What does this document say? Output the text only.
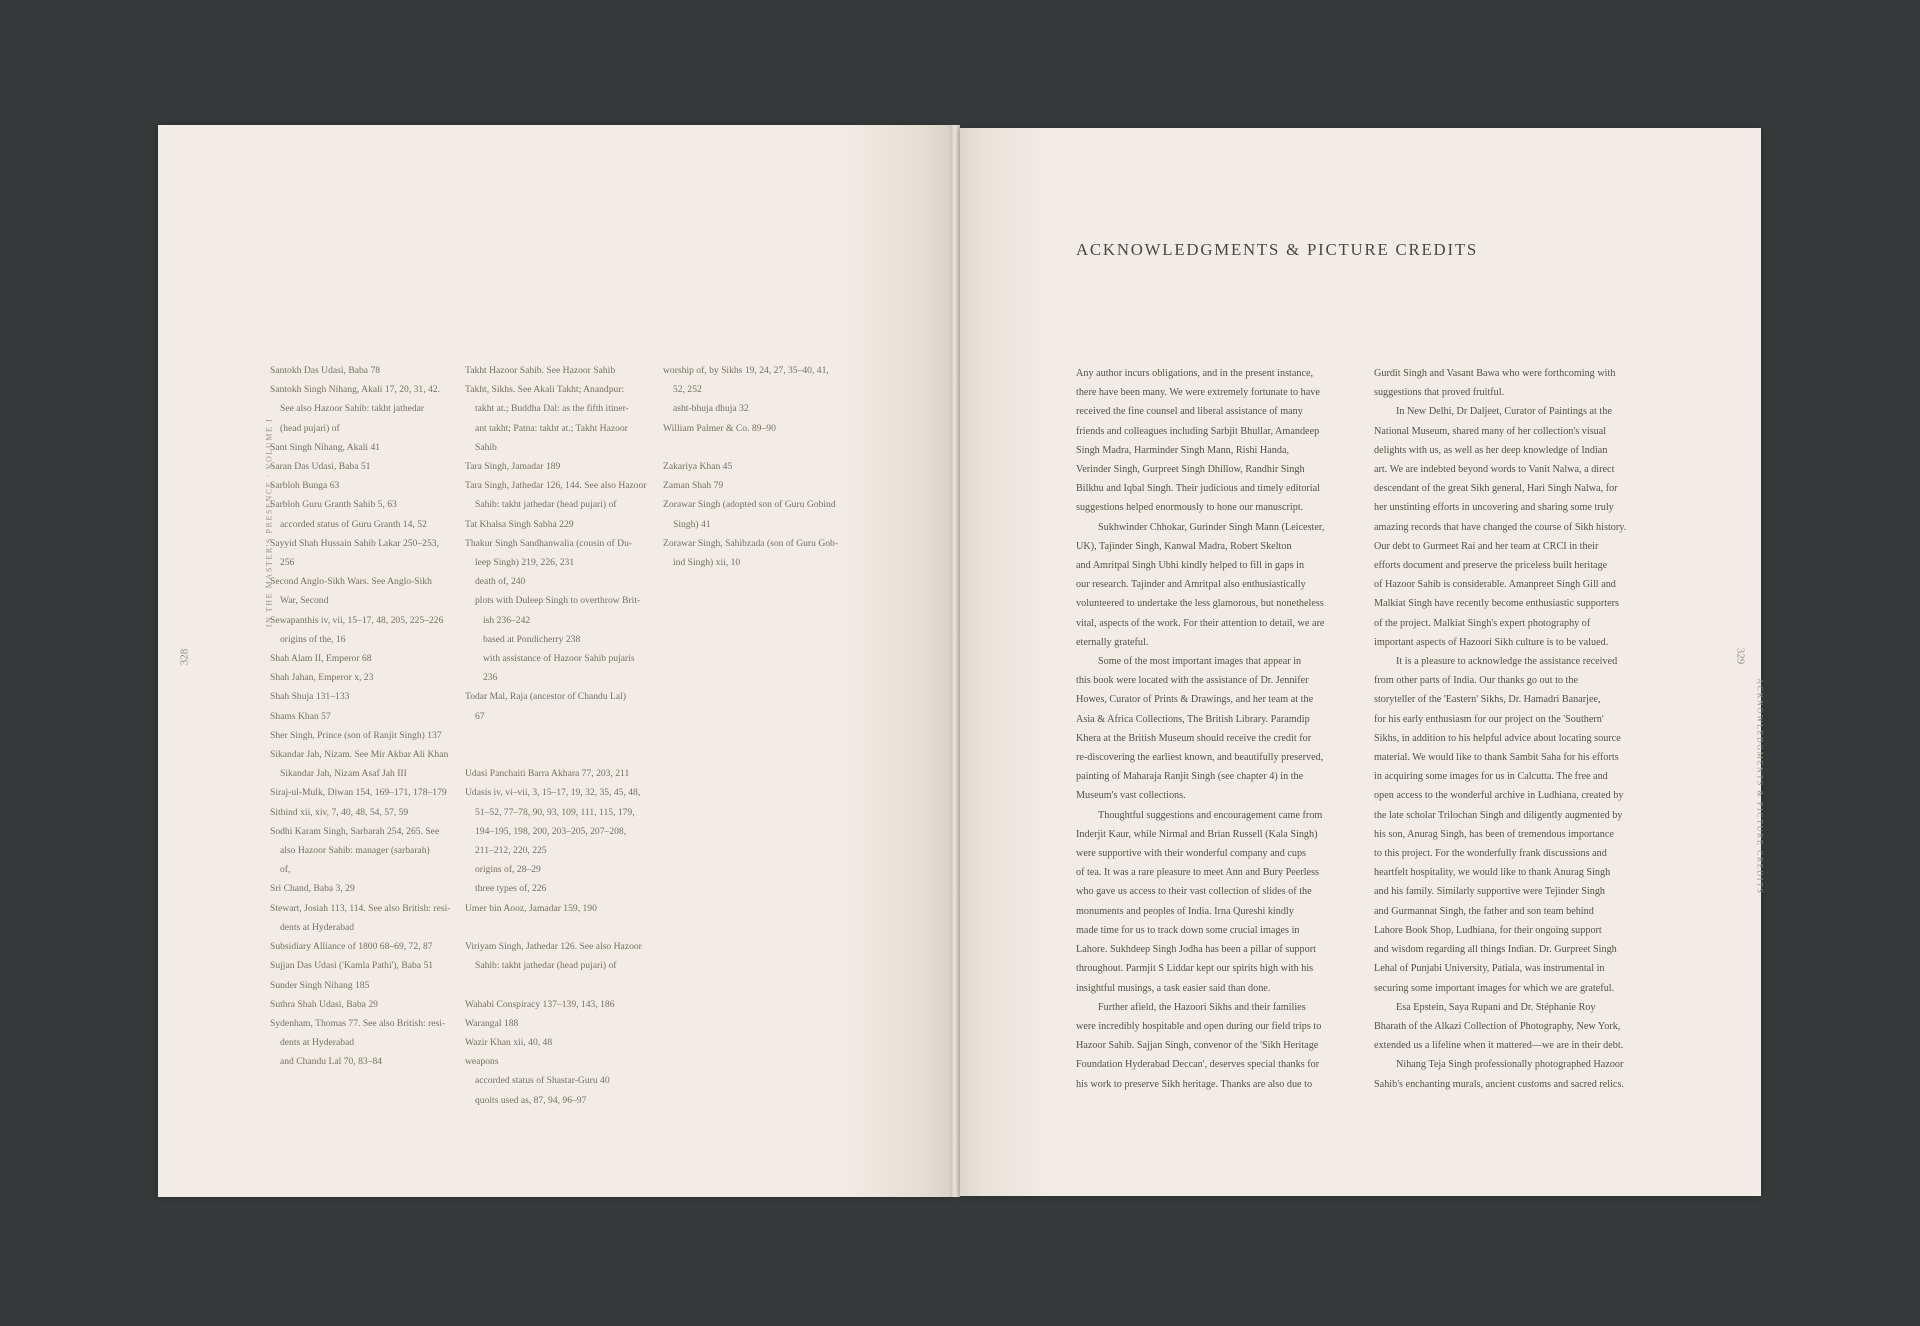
IN THE MASTER'S PRESENCE · VOLUME I
328
Santokh Das Udasi, Baba 78
Santokh Singh Nihang, Akali 17, 20, 31, 42.
See also Hazoor Sahib: takht jathedar
(head pujari) of
Sant Singh Nihang, Akali 41
Saran Das Udasi, Baba 51
Sarbloh Bunga 63
Sarbloh Guru Granth Sahib 5, 63
accorded status of Guru Granth 14, 52
Sayyid Shah Hussain Sahib Lakar 250–253,
256
Second Anglo-Sikh Wars. See Anglo-Sikh
War, Second
Sewapanthis iv, vii, 15–17, 48, 205, 225–226
origins of the, 16
Shah Alam II, Emperor 68
Shah Jahan, Emperor x, 23
Shah Shuja 131–133
Shams Khan 57
Sher Singh, Prince (son of Ranjit Singh) 137
Sikandar Jah, Nizam. See Mir Akbar Ali Khan
Sikandar Jah, Nizam Asaf Jah III
Siraj-ul-Mulk, Diwan 154, 169–171, 178–179
Sithind xii, xiv, 7, 40, 48, 54, 57, 59
Sodhi Karam Singh, Sarbarah 254, 265. See
also Hazoor Sahib: manager (sarbarah)
of,
Sri Chand, Baba 3, 29
Stewart, Josiah 113, 114. See also British: resi-
dents at Hyderabad
Subsidiary Alliance of 1800 68–69, 72, 87
Sujjan Das Udasi ('Kamla Pathi'), Baba 51
Sunder Singh Nihang 185
Suthra Shah Udasi, Baba 29
Sydenham, Thomas 77. See also British: resi-
dents at Hyderabad
and Chandu Lal 70, 83–84
Takht Hazoor Sahib. See Hazoor Sahib
Takht, Sikhs. See Akali Takht; Anandpur:
takht at.; Buddha Dal: as the fifth itiner-
ant takht; Patna: takht at.; Takht Hazoor
Sahib
Tara Singh, Jamadar 189
Tara Singh, Jathedar 126, 144. See also Hazoor
Sahib: takht jathedar (head pujari) of
Tat Khalsa Singh Sabha 229
Thakur Singh Sandhanwalia (cousin of Du-
leep Singh) 219, 226, 231
death of, 240
plots with Duleep Singh to overthrow Brit-
ish 236–242
based at Pondicherry 238
with assistance of Hazoor Sahib pujaris
236
Todar Mal, Raja (ancestor of Chandu Lal)
67
Udasi Panchaiti Barra Akhara 77, 203, 211
Udasis iv, vi–vii, 3, 15–17, 19, 32, 35, 45, 48,
51–52, 77–78, 90, 93, 109, 111, 115, 179,
194–195, 198, 200, 203–205, 207–208,
211–212, 220, 225
origins of, 28–29
three types of, 226
Umer bin Aooz, Jamadar 159, 190
Viriyam Singh, Jathedar 126. See also Hazoor
Sahib: takht jathedar (head pujari) of
Wahabi Conspiracy 137–139, 143, 186
Warangal 188
Wazir Khan xii, 40, 48
weapons
accorded status of Shastar-Guru 40
quoits used as, 87, 94, 96–97
worship of, by Sikhs 19, 24, 27, 35–40, 41,
52, 252
asht-bhuja dhuja 32
William Palmer & Co. 89–90
Zakariya Khan 45
Zaman Shah 79
Zorawar Singh (adopted son of Guru Gobind
Singh) 41
Zorawar Singh, Sahibzada (son of Guru Gob-
ind Singh) xii, 10
ACKNOWLEDGMENTS & PICTURE CREDITS
Any author incurs obligations, and in the present instance,
there have been many. We were extremely fortunate to have
received the fine counsel and liberal assistance of many
friends and colleagues including Sarbjit Bhullar, Amandeep
Singh Madra, Harminder Singh Mann, Rishi Handa,
Verinder Singh, Gurpreet Singh Dhillow, Randhir Singh
Bilkhu and Iqbal Singh. Their judicious and timely editorial
suggestions helped enormously to hone our manuscript.
Sukhwinder Chhokar, Gurinder Singh Mann (Leicester,
UK), Tajinder Singh, Kanwal Madra, Robert Skelton
and Amritpal Singh Ubhi kindly helped to fill in gaps in
our research. Tajinder and Amritpal also enthusiastically
volunteered to undertake the less glamorous, but nonetheless
vital, aspects of the work. For their attention to detail, we are
eternally grateful.
Some of the most important images that appear in
this book were located with the assistance of Dr. Jennifer
Howes, Curator of Prints & Drawings, and her team at the
Asia & Africa Collections, The British Library. Paramdip
Khera at the British Museum should receive the credit for
re-discovering the earliest known, and beautifully preserved,
painting of Maharaja Ranjit Singh (see chapter 4) in the
Museum's vast collections.
Thoughtful suggestions and encouragement came from
Inderjit Kaur, while Nirmal and Brian Russell (Kala Singh)
were supportive with their wonderful company and cups
of tea. It was a rare pleasure to meet Ann and Bury Peerless
who gave us access to their vast collection of slides of the
monuments and peoples of India. Irna Qureshi kindly
made time for us to track down some crucial images in
Lahore. Sukhdeep Singh Jodha has been a pillar of support
throughout. Parmjit S Liddar kept our spirits high with his
insightful musings, a task easier said than done.
Further afield, the Hazoori Sikhs and their families
were incredibly hospitable and open during our field trips to
Hazoor Sahib. Sajjan Singh, convenor of the 'Sikh Heritage
Foundation Hyderabad Deccan', deserves special thanks for
his work to preserve Sikh heritage. Thanks are also due to
Gurdit Singh and Vasant Bawa who were forthcoming with
suggestions that proved fruitful.
In New Delhi, Dr Daljeet, Curator of Paintings at the
National Museum, shared many of her collection's visual
delights with us, as well as her deep knowledge of Indian
art. We are indebted beyond words to Vanit Nalwa, a direct
descendant of the great Sikh general, Hari Singh Nalwa, for
her unstinting efforts in uncovering and sharing some truly
amazing records that have changed the course of Sikh history.
Our debt to Gurmeet Rai and her team at CRCI in their
efforts document and preserve the priceless built heritage
of Hazoor Sahib is considerable. Amanpreet Singh Gill and
Malkiat Singh have recently become enthusiastic supporters
of the project. Malkiat Singh's expert photography of
important aspects of Hazoori Sikh culture is to be valued.
It is a pleasure to acknowledge the assistance received
from other parts of India. Our thanks go out to the
storyteller of the 'Eastern' Sikhs, Dr. Hamadri Banarjee,
for his early enthusiasm for our project on the 'Southern'
Sikhs, in addition to his helpful advice about locating source
material. We would like to thank Sambit Saha for his efforts
in acquiring some images for us in Calcutta. The free and
open access to the wonderful archive in Ludhiana, created by
the late scholar Trilochan Singh and diligently augmented by
his son, Anurag Singh, has been of tremendous importance
to this project. For the wonderfully frank discussions and
heartfelt hospitality, we would like to thank Anurag Singh
and his family. Similarly supportive were Tejinder Singh
and Gurmannat Singh, the father and son team behind
Lahore Book Shop, Ludhiana, for their ongoing support
and wisdom regarding all things Indian. Dr. Gurpreet Singh
Lehal of Punjabi University, Patiala, was instrumental in
securing some important images for which we are grateful.
Esa Epstein, Saya Rupani and Dr. Stéphanie Roy
Bharath of the Alkazi Collection of Photography, New York,
extended us a lifeline when it mattered—we are in their debt.
Nihang Teja Singh professionally photographed Hazoor
Sahib's enchanting murals, ancient customs and sacred relics.
ACKNOWLEDGMENTS & PICTURE CREDITS
329
